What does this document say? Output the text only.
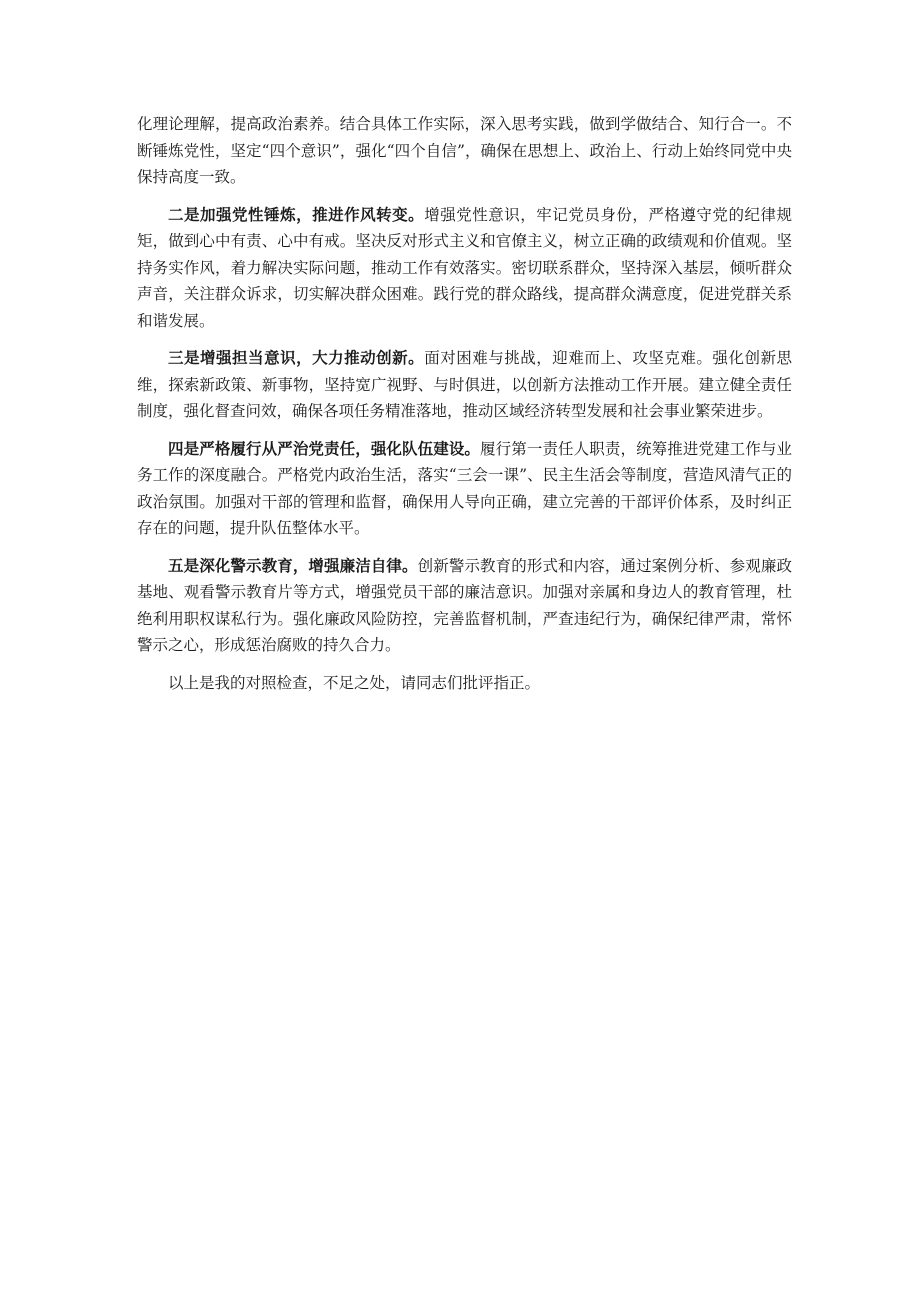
化理论理解，提高政治素养。结合具体工作实际，深入思考实践，做到学做结合、知行合一。不断锤炼党性，坚定“四个意识”，强化“四个自信”，确保在思想上、政治上、行动上始终同党中央保持高度一致。

二是加强党性锤炼，推进作风转变。增强党性意识，牢记党员身份，严格遵守党的纪律规矩，做到心中有责、心中有戒。坚决反对形式主义和官僚主义，树立正确的政绩观和价值观。坚持务实作风，着力解决实际问题，推动工作有效落实。密切联系群众，坚持深入基层，倾听群众声音，关注群众诉求，切实解决群众困难。践行党的群众路线，提高群众满意度，促进党群关系和谐发展。

三是增强担当意识，大力推动创新。面对困难与挑战，迎难而上、攻坚克难。强化创新思维，探索新政策、新事物，坚持宽广视野、与时俱进，以创新方法推动工作开展。建立健全责任制度，强化督查问效，确保各项任务精准落地，推动区域经济转型发展和社会事业繁荣进步。

四是严格履行从严治党责任，强化队伍建设。履行第一责任人职责，统筹推进党建工作与业务工作的深度融合。严格党内政治生活，落实“三会一课”、民主生活会等制度，营造风清气正的政治氛围。加强对干部的管理和监督，确保用人导向正确，建立完善的干部评价体系，及时纠正存在的问题，提升队伍整体水平。

五是深化警示教育，增强廉洁自律。创新警示教育的形式和内容，通过案例分析、参观廉政基地、观看警示教育片等方式，增强党员干部的廉洁意识。加强对亲属和身边人的教育管理，杜绝利用职权谋私行为。强化廉政风险防控，完善监督机制，严查违纪行为，确保纪律严肃，常怀警示之心，形成惩治腐败的持久合力。

以上是我的对照检查，不足之处，请同志们批评指正。
